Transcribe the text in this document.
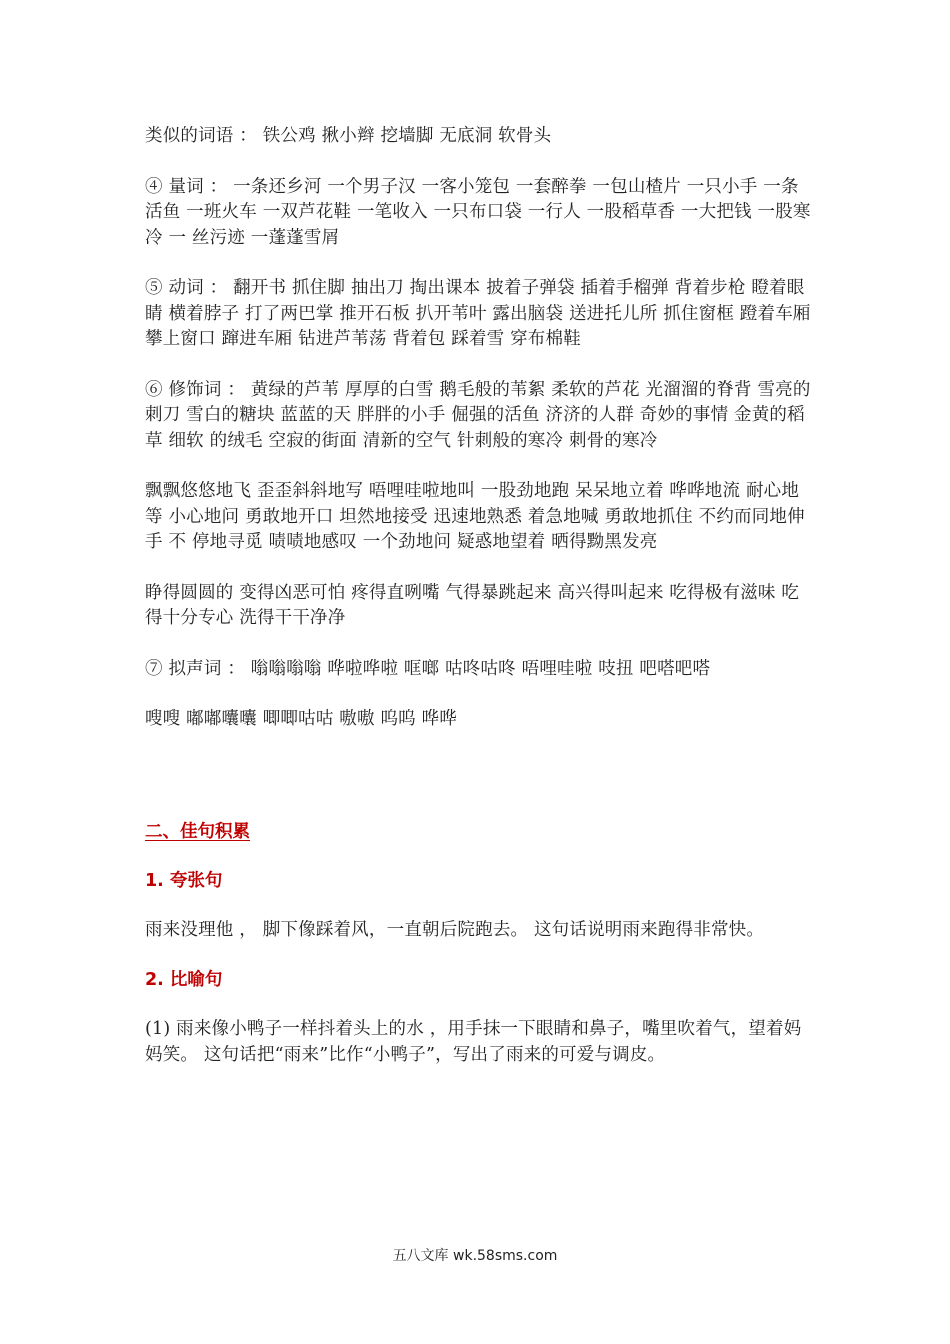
类似的词语 ： 铁公鸡 揪小辫 挖墙脚 无底洞 软骨头

④ 量词 ： 一条还乡河 一个男子汉 一客小笼包 一套醉拳 一包山楂片 一只小手 一条活鱼 一班火车 一双芦花鞋 一笔收入 一只布口袋 一行人 一股稻草香 一大把钱 一股寒冷 一 丝污迹 一蓬蓬雪屑

⑤ 动词 ： 翻开书 抓住脚 抽出刀 掏出课本 披着子弹袋 插着手榴弹 背着步枪 瞪着眼睛 横着脖子 打了两巴掌 推开石板 扒开苇叶 露出脑袋 送进托儿所 抓住窗框 蹬着车厢 攀上窗口 蹿进车厢 钻进芦苇荡 背着包 踩着雪 穿布棉鞋

⑥ 修饰词 ： 黄绿的芦苇 厚厚的白雪 鹅毛般的苇絮 柔软的芦花 光溜溜的脊背 雪亮的刺刀 雪白的糖块 蓝蓝的天 胖胖的小手 倔强的活鱼 济济的人群 奇妙的事情 金黄的稻草 细软 的绒毛 空寂的街面 清新的空气 针刺般的寒冷 刺骨的寒冷

飘飘悠悠地飞 歪歪斜斜地写 唔哩哇啦地叫 一股劲地跑 呆呆地立着 哗哗地流 耐心地等 小心地问 勇敢地开口 坦然地接受 迅速地熟悉 着急地喊 勇敢地抓住 不约而同地伸手 不 停地寻觅 啧啧地感叹 一个劲地问 疑惑地望着 晒得黝黑发亮

睁得圆圆的 变得凶恶可怕 疼得直咧嘴 气得暴跳起来 高兴得叫起来 吃得极有滋味 吃得十分专心 洗得干干净净

⑦ 拟声词 ： 嗡嗡嗡嗡 哗啦哗啦 哐啷 咕咚咕咚 唔哩哇啦 吱扭 吧嗒吧嗒

嗖嗖 嘟嘟囔囔 唧唧咕咕 嗷嗷 呜呜 哗哗

二、佳句积累
1. 夸张句

雨来没理他 ， 脚下像踩着风，一直朝后院跑去。 这句话说明雨来跑得非常快。

2. 比喻句

(1) 雨来像小鸭子一样抖着头上的水 ，用手抹一下眼睛和鼻子，嘴里吹着气，望着妈妈笑。 这句话把“雨来”比作“小鸭子”，写出了雨来的可爱与调皮。

五八文库 wk.58sms.com
